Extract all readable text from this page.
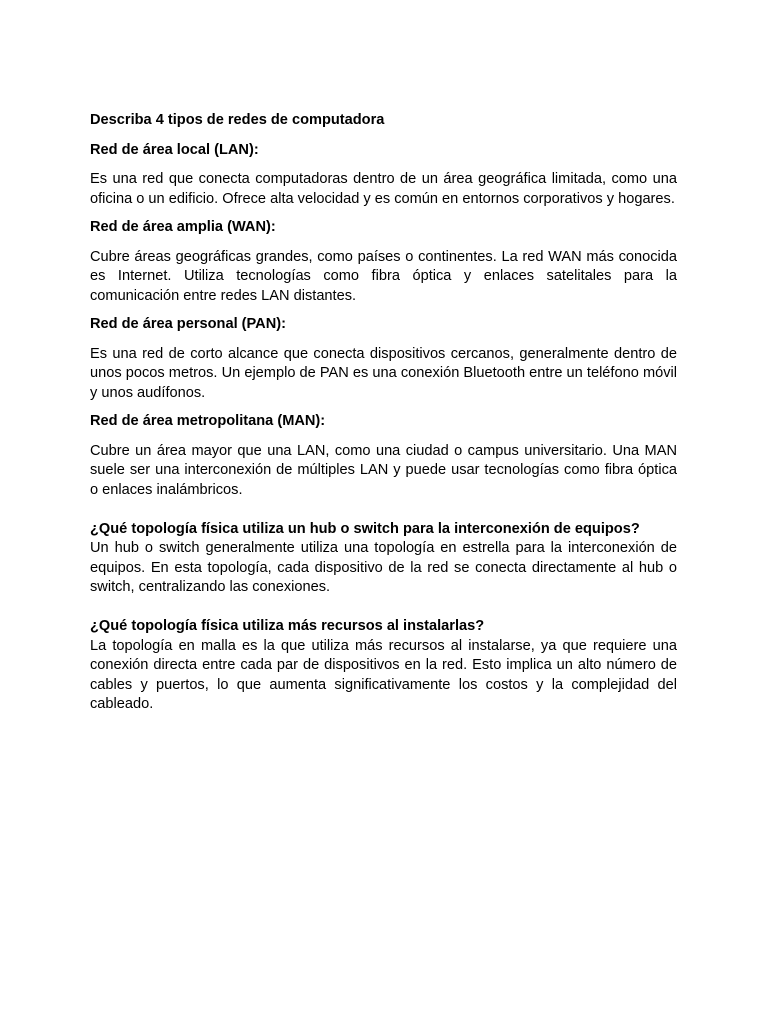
Describa 4 tipos de redes de computadora

Red de área local (LAN):

Es una red que conecta computadoras dentro de un área geográfica limitada, como una oficina o un edificio. Ofrece alta velocidad y es común en entornos corporativos y hogares.

Red de área amplia (WAN):

Cubre áreas geográficas grandes, como países o continentes. La red WAN más conocida es Internet. Utiliza tecnologías como fibra óptica y enlaces satelitales para la comunicación entre redes LAN distantes.

Red de área personal (PAN):

Es una red de corto alcance que conecta dispositivos cercanos, generalmente dentro de unos pocos metros. Un ejemplo de PAN es una conexión Bluetooth entre un teléfono móvil y unos audífonos.

Red de área metropolitana (MAN):

Cubre un área mayor que una LAN, como una ciudad o campus universitario. Una MAN suele ser una interconexión de múltiples LAN y puede usar tecnologías como fibra óptica o enlaces inalámbricos.

¿Qué topología física utiliza un hub o switch para la interconexión de equipos?

Un hub o switch generalmente utiliza una topología en estrella para la interconexión de equipos. En esta topología, cada dispositivo de la red se conecta directamente al hub o switch, centralizando las conexiones.

¿Qué topología física utiliza más recursos al instalarlas?

La topología en malla es la que utiliza más recursos al instalarse, ya que requiere una conexión directa entre cada par de dispositivos en la red. Esto implica un alto número de cables y puertos, lo que aumenta significativamente los costos y la complejidad del cableado.
